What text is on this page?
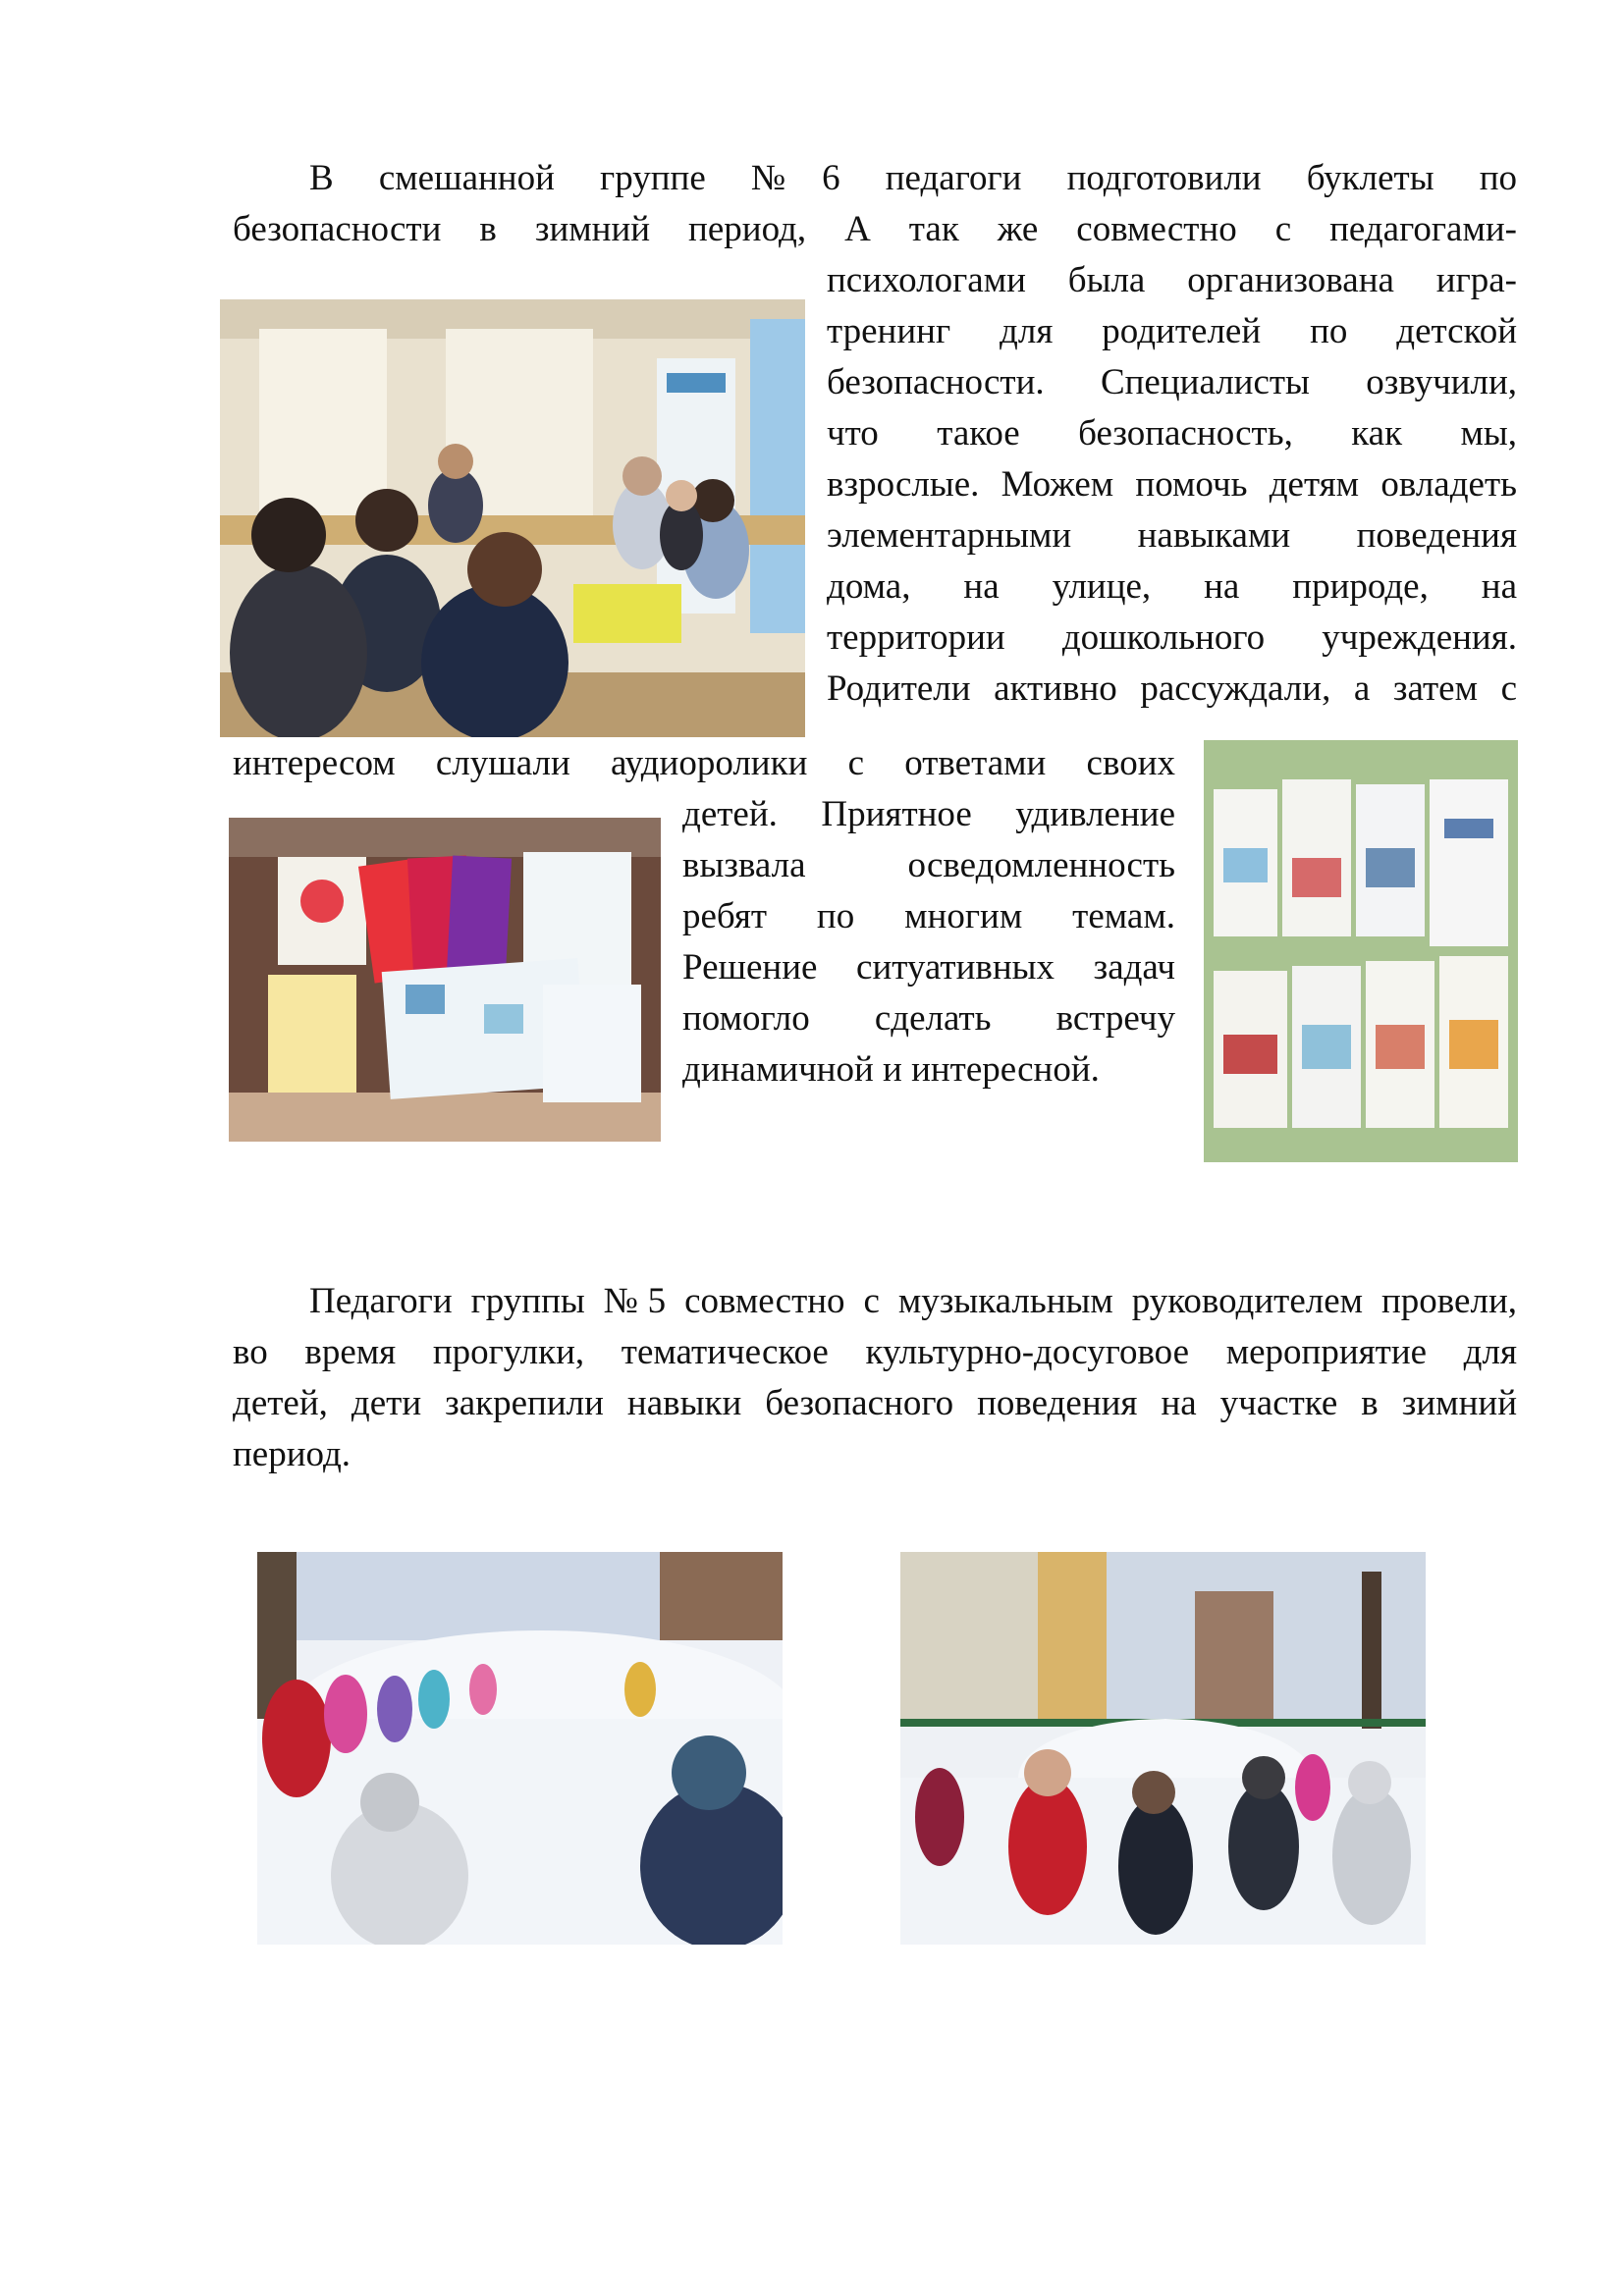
В смешанной группе №6 педагоги подготовили буклеты по
безопасности в зимний период, А так же совместно с педагогами-
психологами была организована игра-
тренинг для родителей по детской
безопасности. Специалисты озвучили,
что такое безопасность, как мы,
взрослые. Можем помочь детям овладеть
элементарными навыками поведения
дома, на улице, на природе, на
территории дошкольного учреждения.
Родители активно рассуждали, а затем с
интересом слушали аудиоролики с ответами своих
детей. Приятное удивление
вызвала осведомленность
ребят по многим темам.
Решение ситуативных задач
помогло сделать встречу
динамичной и интересной.
Педагоги группы №5 совместно с музыкальным руководителем провели,
во время прогулки, тематическое культурно-досуговое мероприятие для
детей, дети закрепили навыки безопасного поведения на участке в зимний
период.
